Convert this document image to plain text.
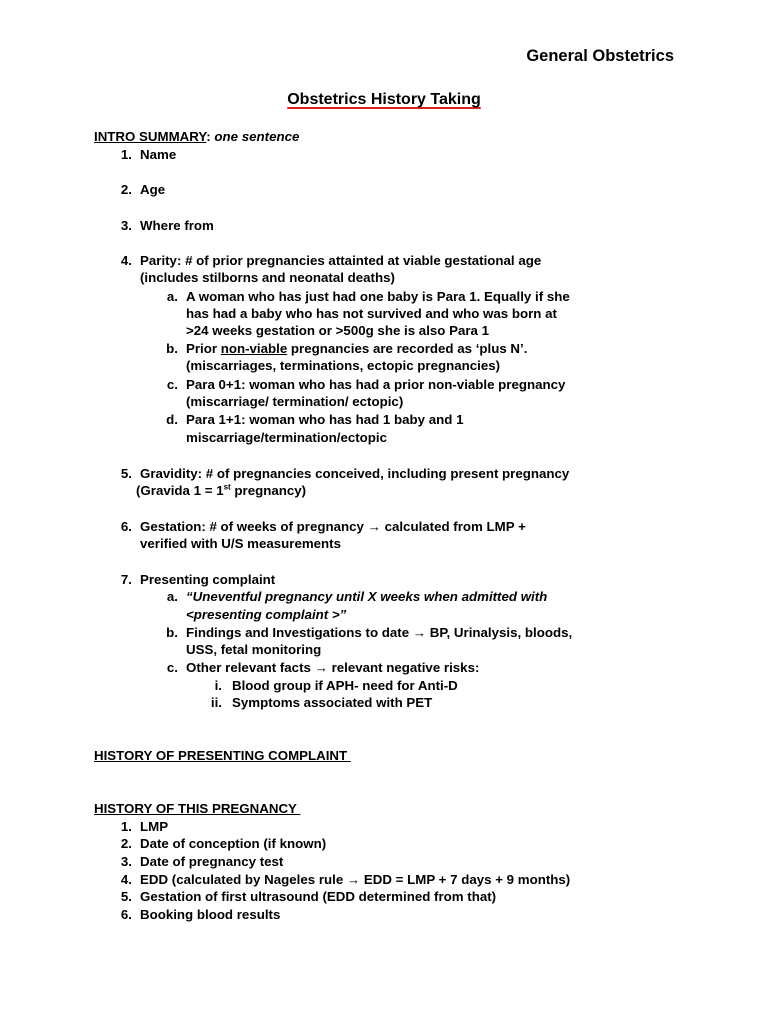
General Obstetrics
Obstetrics History Taking
INTRO SUMMARY: one sentence
1. Name
2. Age
3. Where from
4. Parity: # of prior pregnancies attainted at viable gestational age
(includes stilborns and neonatal deaths)
a. A woman who has just had one baby is Para 1. Equally if she
has had a baby who has not survived and who was born at
>24 weeks gestation or >500g she is also Para 1
b. Prior non-viable pregnancies are recorded as ‘plus N’.
(miscarriages, terminations, ectopic pregnancies)
c. Para 0+1: woman who has had a prior non-viable pregnancy
(miscarriage/ termination/ ectopic)
d. Para 1+1: woman who has had 1 baby and 1
miscarriage/termination/ectopic
5. Gravidity: # of pregnancies conceived, including present pregnancy
(Gravida 1 = 1st pregnancy)
6. Gestation: # of weeks of pregnancy → calculated from LMP +
verified with U/S measurements
7. Presenting complaint
a. “Uneventful pregnancy until X weeks when admitted with
<presenting complaint >”
b. Findings and Investigations to date → BP, Urinalysis, bloods,
USS, fetal monitoring
c. Other relevant facts → relevant negative risks:
i. Blood group if APH- need for Anti-D
ii. Symptoms associated with PET
HISTORY OF PRESENTING COMPLAINT
HISTORY OF THIS PREGNANCY
1. LMP
2. Date of conception (if known)
3. Date of pregnancy test
4. EDD (calculated by Nageles rule → EDD = LMP + 7 days + 9 months)
5. Gestation of first ultrasound (EDD determined from that)
6. Booking blood results
